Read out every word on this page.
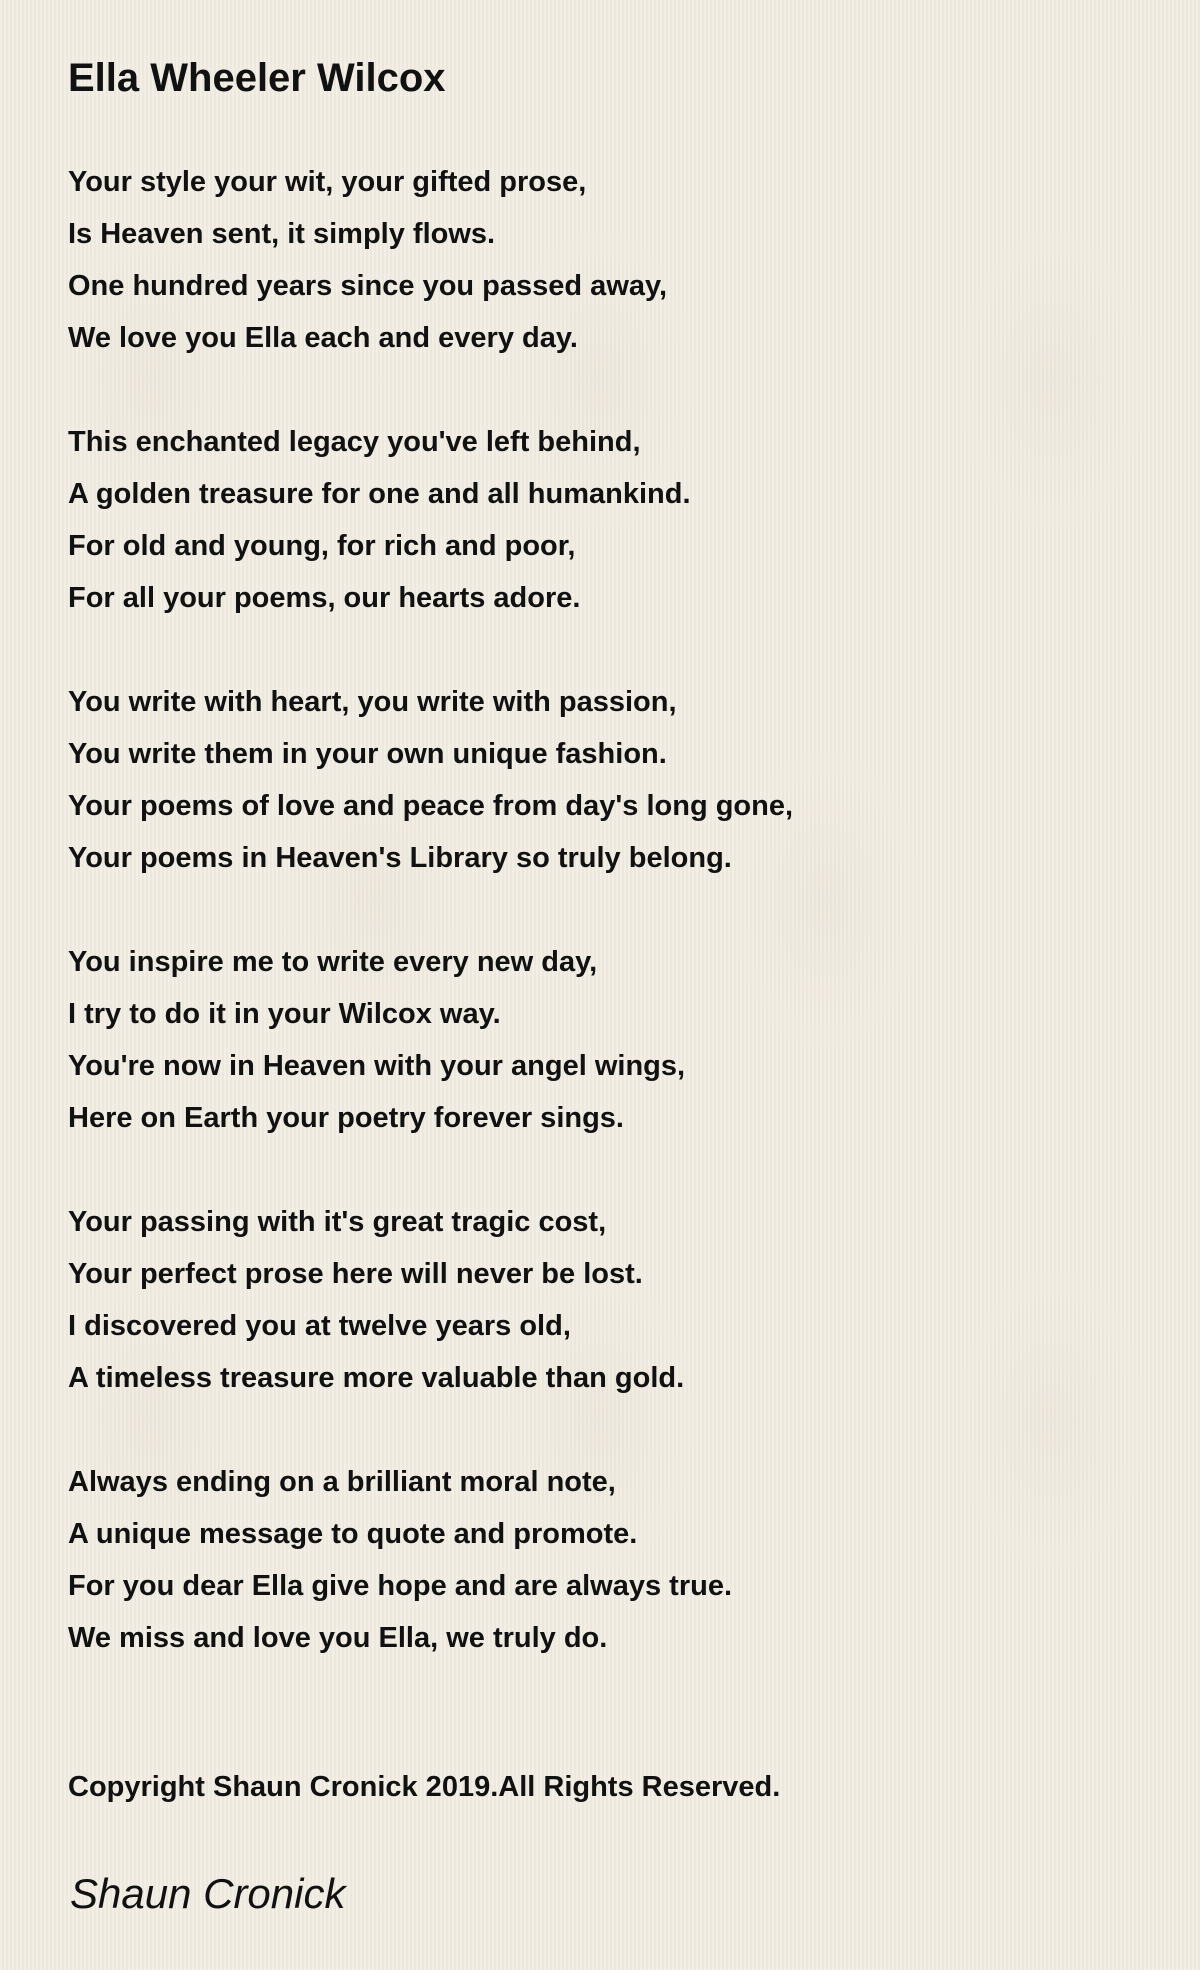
Ella Wheeler Wilcox
Your style your wit, your gifted prose,
Is Heaven sent, it simply flows.
One hundred years since you passed away,
We love you Ella each and every day.
This enchanted legacy you've left behind,
A golden treasure for one and all humankind.
For old and young, for rich and poor,
For all your poems, our hearts adore.
You write with heart, you write with passion,
You write them in your own unique fashion.
Your poems of love and peace from day's long gone,
Your poems in Heaven's Library so truly belong.
You inspire me to write every new day,
I try to do it in your Wilcox way.
You're now in Heaven with your angel wings,
Here on Earth your poetry forever sings.
Your passing with it's great tragic cost,
Your perfect prose here will never be lost.
I discovered you at twelve years old,
A timeless treasure more valuable than gold.
Always ending on a brilliant moral note,
A unique message to quote and promote.
For you dear Ella give hope and are always true.
We miss and love you Ella, we truly do.
Copyright Shaun Cronick 2019.All Rights Reserved.
Shaun Cronick
